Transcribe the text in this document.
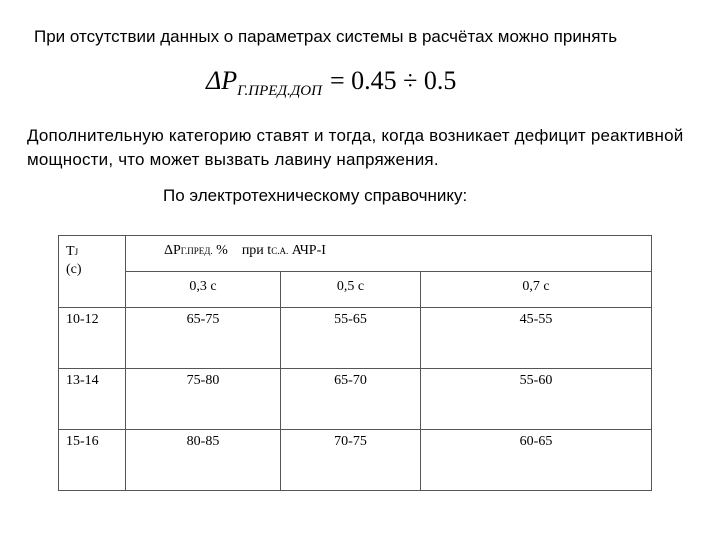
При отсутствии данных о параметрах системы в расчётах можно принять
$\Delta P_{Г.ПРЕД.ДОП} = 0.45 \div 0.5$
Дополнительную категорию ставят и тогда, когда возникает дефицит реактивной мощности, что может вызвать лавину напряжения.
По электротехническому справочнику:
TJ
(с)	ΔPГ.ПРЕД. % при tС.А. АЧР-I		
	0,3 с	0,5 с	0,7 с
10-12	65-75	55-65	45-55
13-14	75-80	65-70	55-60
15-16	80-85	70-75	60-65
